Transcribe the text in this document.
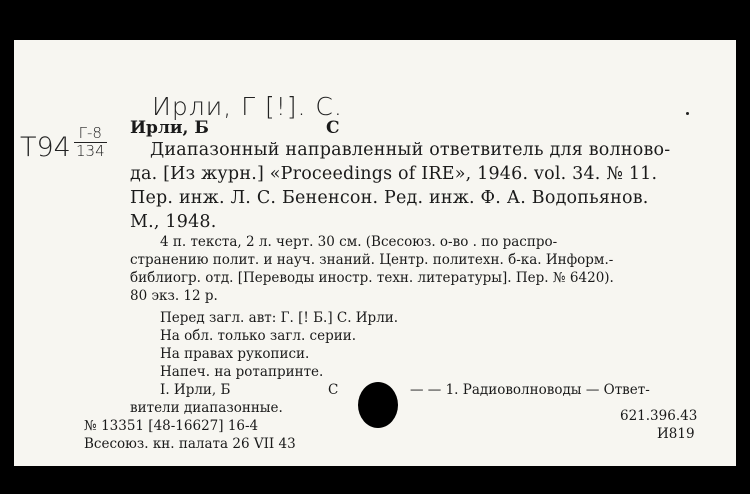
Ирли, Г [!]. С.
Т94 Г-8
134
Ирли, Б	С
Диапазонный направленный ответвитель для волново-
да. [Из журн.] «Proceedings of IRE», 1946. vol. 34. № 11.
Пер. инж. Л. С. Бененсон. Ред. инж. Ф. А. Водопьянов.
М., 1948.
4 п. текста, 2 л. черт. 30 см. (Всесоюз. о-во . по распро-
странению полит. и науч. знаний. Центр. политехн. б-ка. Информ.-
библиогр. отд. [Переводы иностр. техн. литературы]. Пер. № 6420).
80 экз. 12 р.
Перед загл. авт: Г. [! Б.] С. Ирли.
На обл. только загл. серии.
На правах рукописи.
Напеч. на ротапринте.
I. Ирли, Б	С	— — 1. Радиоволноводы — Ответ-
вители диапазонные.
№ 13351 [48-16627] 16-4
Всесоюз. кн. палата 26 VII 43
621.396.43
И819
